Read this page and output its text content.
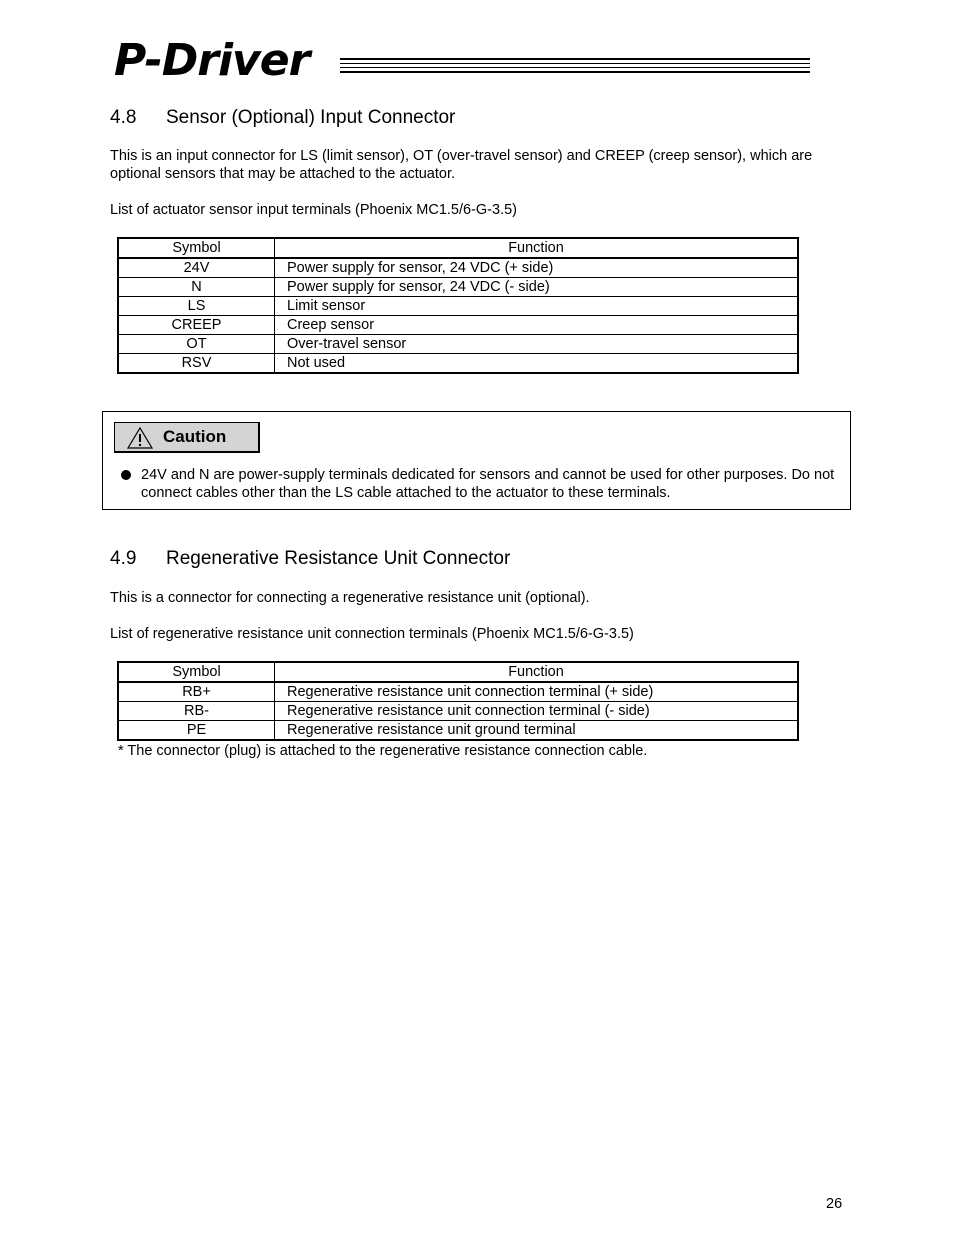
P-Driver
4.8 Sensor (Optional) Input Connector
This is an input connector for LS (limit sensor), OT (over-travel sensor) and CREEP (creep sensor), which are optional sensors that may be attached to the actuator.
List of actuator sensor input terminals (Phoenix MC1.5/6-G-3.5)
Symbol	Function
24V	Power supply for sensor, 24 VDC (+ side)
N	Power supply for sensor, 24 VDC (- side)
LS	Limit sensor
CREEP	Creep sensor
OT	Over-travel sensor
RSV	Not used
Caution
24V and N are power-supply terminals dedicated for sensors and cannot be used for other purposes. Do not connect cables other than the LS cable attached to the actuator to these terminals.
4.9 Regenerative Resistance Unit Connector
This is a connector for connecting a regenerative resistance unit (optional).
List of regenerative resistance unit connection terminals (Phoenix MC1.5/6-G-3.5)
Symbol	Function
RB+	Regenerative resistance unit connection terminal (+ side)
RB-	Regenerative resistance unit connection terminal (- side)
PE	Regenerative resistance unit ground terminal
* The connector (plug) is attached to the regenerative resistance connection cable.
26
